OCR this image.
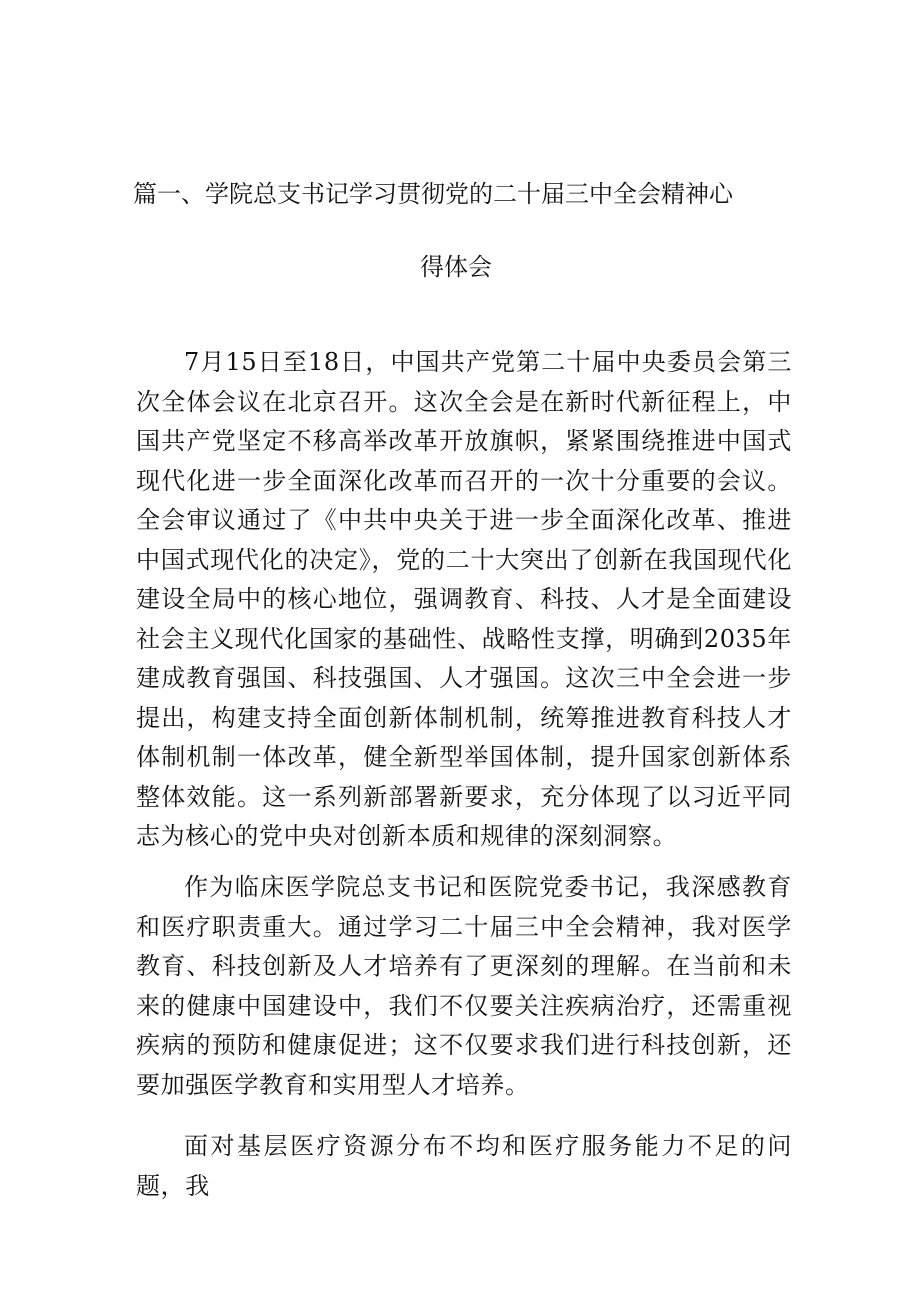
篇一、学院总支书记学习贯彻党的二十届三中全会精神心
得体会

7月15日至18日，中国共产党第二十届中央委员会第三次全体会议在北京召开。这次全会是在新时代新征程上，中国共产党坚定不移高举改革开放旗帜，紧紧围绕推进中国式现代化进一步全面深化改革而召开的一次十分重要的会议。全会审议通过了《中共中央关于进一步全面深化改革、推进中国式现代化的决定》，党的二十大突出了创新在我国现代化建设全局中的核心地位，强调教育、科技、人才是全面建设社会主义现代化国家的基础性、战略性支撑，明确到2035年建成教育强国、科技强国、人才强国。这次三中全会进一步提出，构建支持全面创新体制机制，统筹推进教育科技人才体制机制一体改革，健全新型举国体制，提升国家创新体系整体效能。这一系列新部署新要求，充分体现了以习近平同志为核心的党中央对创新本质和规律的深刻洞察。

作为临床医学院总支书记和医院党委书记，我深感教育和医疗职责重大。通过学习二十届三中全会精神，我对医学教育、科技创新及人才培养有了更深刻的理解。在当前和未来的健康中国建设中，我们不仅要关注疾病治疗，还需重视疾病的预防和健康促进；这不仅要求我们进行科技创新，还要加强医学教育和实用型人才培养。

面对基层医疗资源分布不均和医疗服务能力不足的问题，我
